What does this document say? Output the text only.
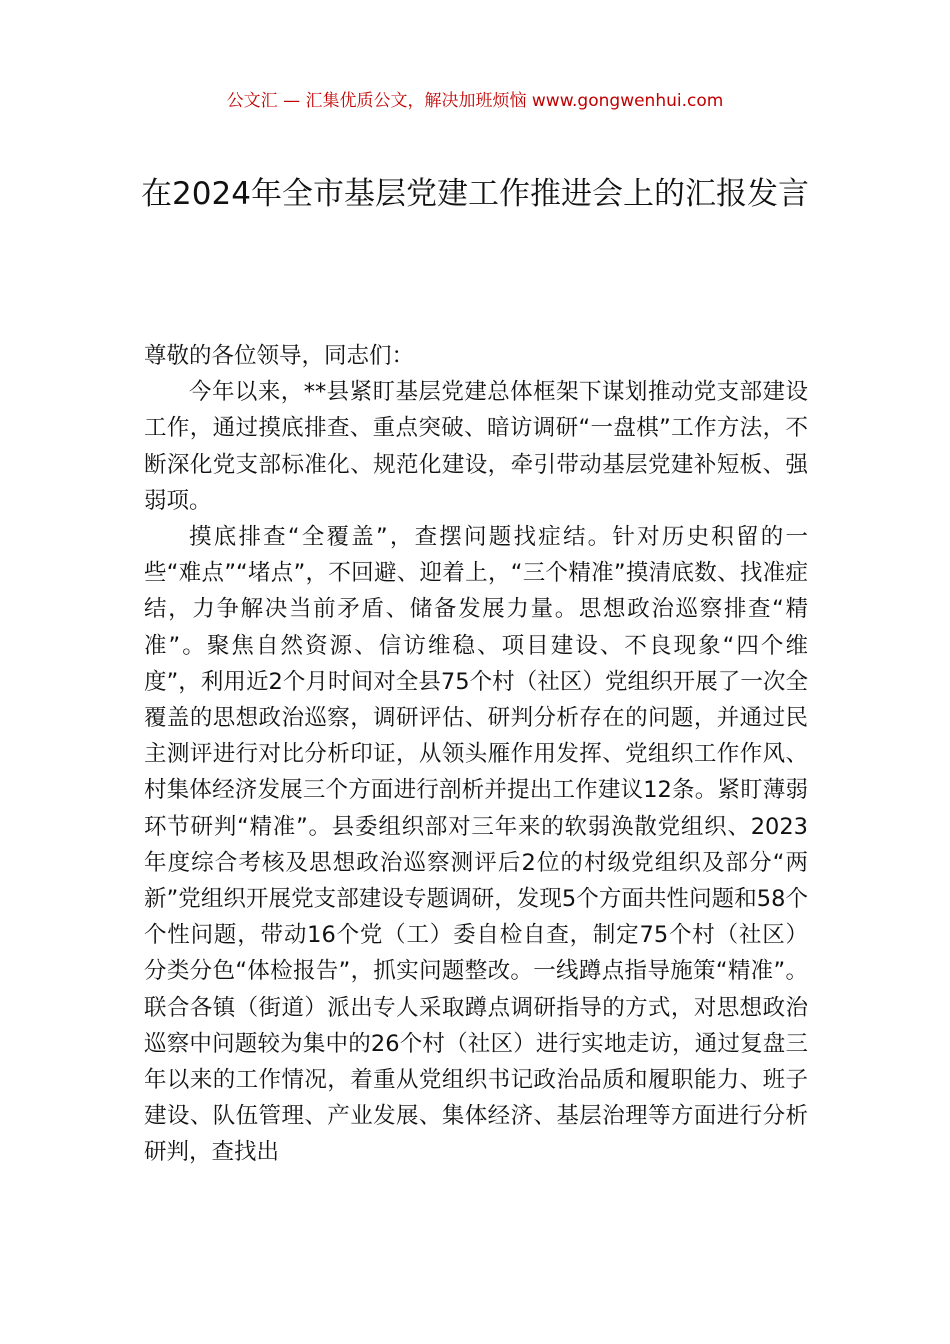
公文汇 — 汇集优质公文，解决加班烦恼 www.gongwenhui.com
在2024年全市基层党建工作推进会上的汇报发言

尊敬的各位领导，同志们：

今年以来，**县紧盯基层党建总体框架下谋划推动党支部建设工作，通过摸底排查、重点突破、暗访调研“一盘棋”工作方法，不断深化党支部标准化、规范化建设，牵引带动基层党建补短板、强弱项。

摸底排查“全覆盖”，查摆问题找症结。针对历史积留的一些“难点”“堵点”，不回避、迎着上，“三个精准”摸清底数、找准症结，力争解决当前矛盾、储备发展力量。思想政治巡察排查“精准”。聚焦自然资源、信访维稳、项目建设、不良现象“四个维度”，利用近2个月时间对全县75个村（社区）党组织开展了一次全覆盖的思想政治巡察，调研评估、研判分析存在的问题，并通过民主测评进行对比分析印证，从领头雁作用发挥、党组织工作作风、村集体经济发展三个方面进行剖析并提出工作建议12条。紧盯薄弱环节研判“精准”。县委组织部对三年来的软弱涣散党组织、2023年度综合考核及思想政治巡察测评后2位的村级党组织及部分“两新”党组织开展党支部建设专题调研，发现5个方面共性问题和58个个性问题，带动16个党（工）委自检自查，制定75个村（社区）分类分色“体检报告”，抓实问题整改。一线蹲点指导施策“精准”。联合各镇（街道）派出专人采取蹲点调研指导的方式，对思想政治巡察中问题较为集中的26个村（社区）进行实地走访，通过复盘三年以来的工作情况，着重从党组织书记政治品质和履职能力、班子建设、队伍管理、产业发展、集体经济、基层治理等方面进行分析研判，查找出
